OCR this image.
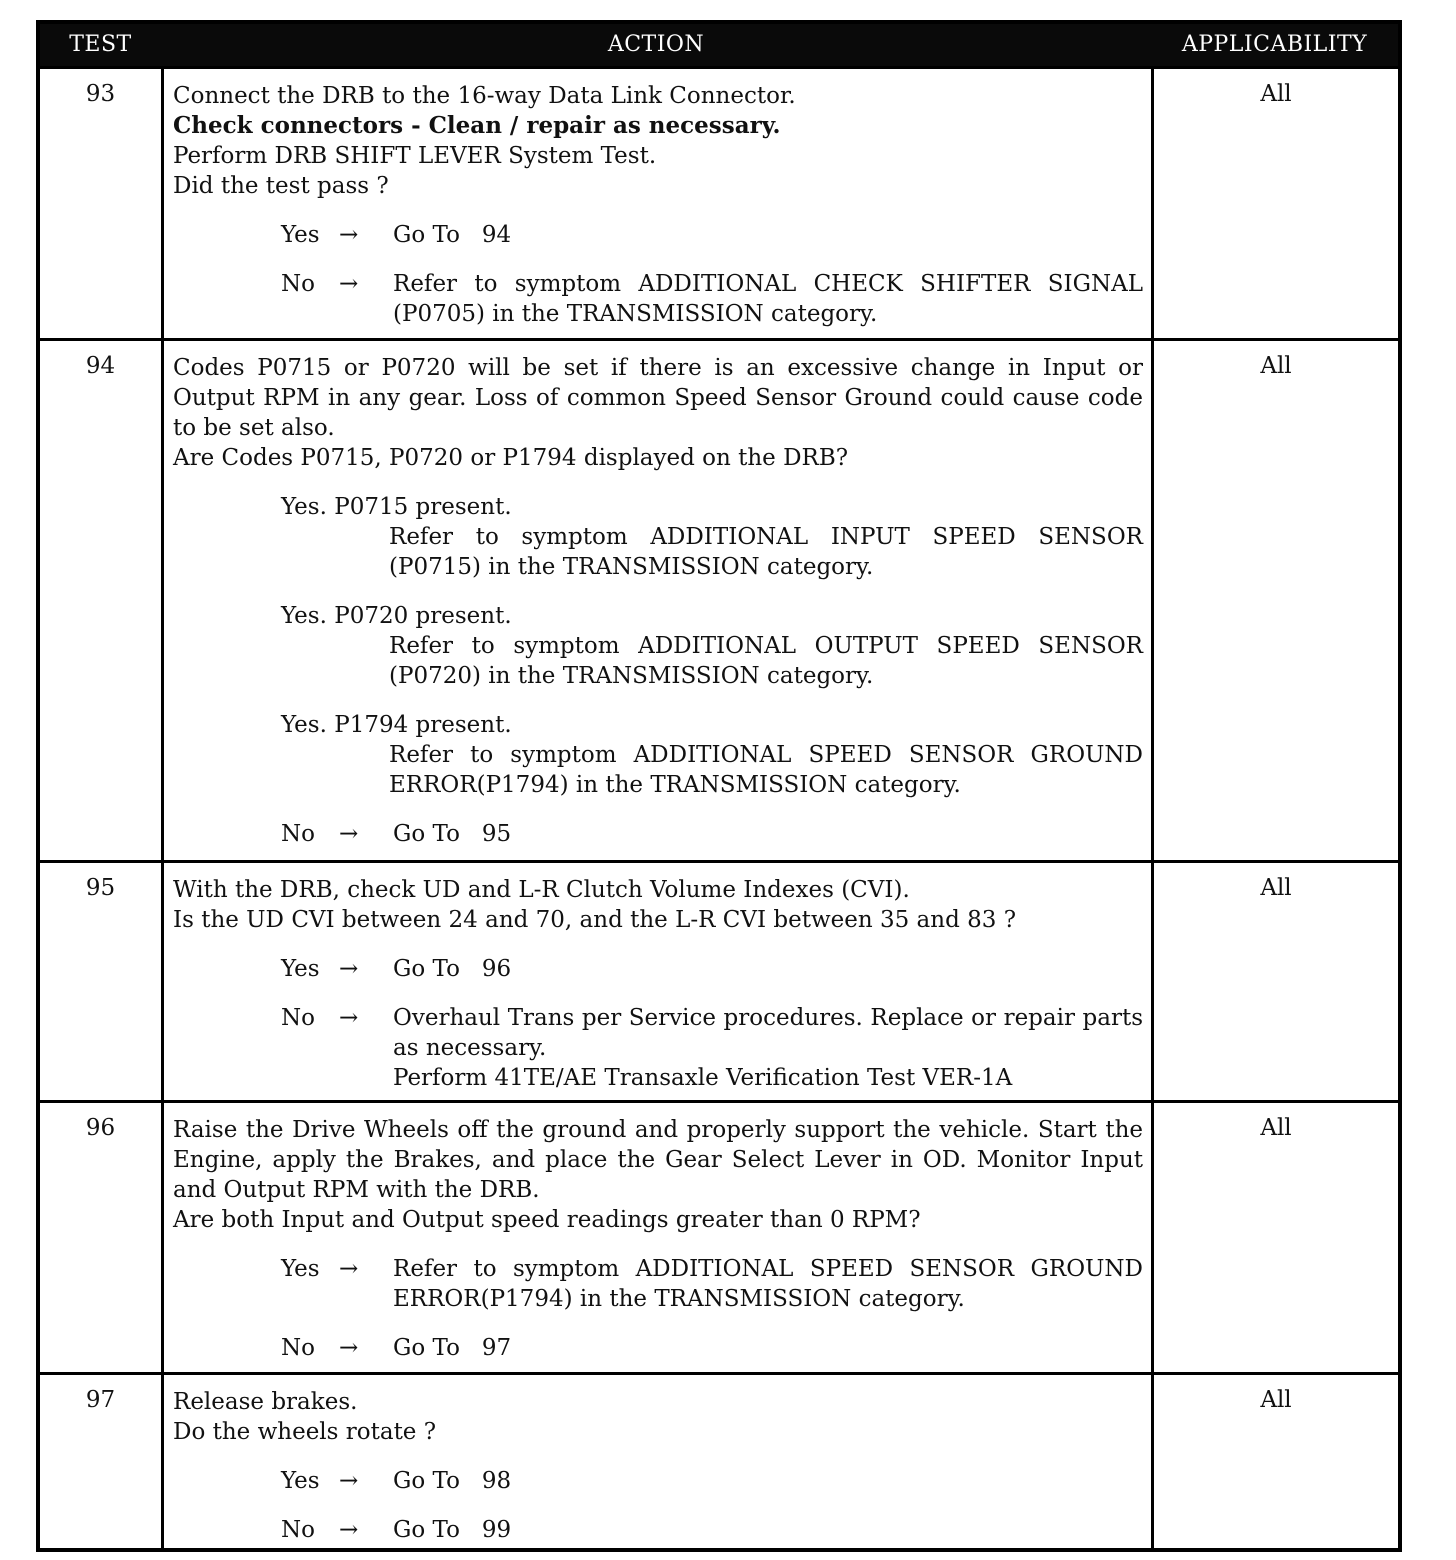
TEST	ACTION	APPLICABILITY
93	Connect the DRB to the 16-way Data Link Connector.
Check connectors - Clean / repair as necessary.
Perform DRB SHIFT LEVER System Test.
Did the test pass ?
Yes →	Go To   94
No	→	Refer to symptom ADDITIONAL CHECK SHIFTER SIGNAL (P0705) in the TRANSMISSION category.
All
94	Codes P0715 or P0720 will be set if there is an excessive change in Input or Output RPM in any gear. Loss of common Speed Sensor Ground could cause code to be set also.
Are Codes P0715, P0720 or P1794 displayed on the DRB?
Yes. P0715 present.
Refer to symptom ADDITIONAL INPUT SPEED SENSOR (P0715) in the TRANSMISSION category.
Yes. P0720 present.
Refer to symptom ADDITIONAL OUTPUT SPEED SENSOR (P0720) in the TRANSMISSION category.
Yes. P1794 present.
Refer to symptom ADDITIONAL SPEED SENSOR GROUND ERROR(P1794) in the TRANSMISSION category.
No	→	Go To   95
All
95	With the DRB, check UD and L-R Clutch Volume Indexes (CVI).
Is the UD CVI between 24 and 70, and the L-R CVI between 35 and 83 ?
Yes →	Go To   96
No	→	Overhaul Trans per Service procedures. Replace or repair parts as necessary.
Perform 41TE/AE Transaxle Verification Test VER-1A
All
96	Raise the Drive Wheels off the ground and properly support the vehicle. Start the Engine, apply the Brakes, and place the Gear Select Lever in OD. Monitor Input and Output RPM with the DRB.
Are both Input and Output speed readings greater than 0 RPM?
Yes →	Refer to symptom ADDITIONAL SPEED SENSOR GROUND ERROR(P1794) in the TRANSMISSION category.
No	→	Go To   97
All
97	Release brakes.
Do the wheels rotate ?
Yes →	Go To   98
No	→	Go To   99
All
